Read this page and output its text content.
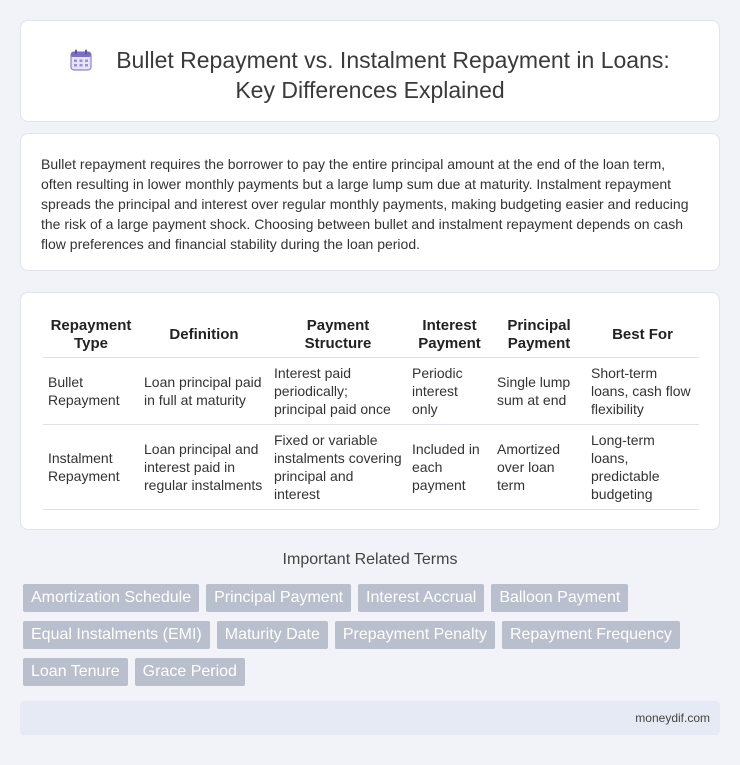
Bullet Repayment vs. Instalment Repayment in Loans: Key Differences Explained

Bullet repayment requires the borrower to pay the entire principal amount at the end of the loan term, often resulting in lower monthly payments but a large lump sum due at maturity. Instalment repayment spreads the principal and interest over regular monthly payments, making budgeting easier and reducing the risk of a large payment shock. Choosing between bullet and instalment repayment depends on cash flow preferences and financial stability during the loan period.

Repayment Type	Definition	Payment Structure	Interest Payment	Principal Payment	Best For
Bullet Repayment	Loan principal paid in full at maturity	Interest paid periodically; principal paid once	Periodic interest only	Single lump sum at end	Short-term loans, cash flow flexibility
Instalment Repayment	Loan principal and interest paid in regular instalments	Fixed or variable instalments covering principal and interest	Included in each payment	Amortized over loan term	Long-term loans, predictable budgeting
Important Related Terms
Amortization Schedule	Principal Payment	Interest Accrual	Balloon Payment
Equal Instalments (EMI)	Maturity Date	Prepayment Penalty	Repayment Frequency
Loan Tenure	Grace Period
moneydif.com
